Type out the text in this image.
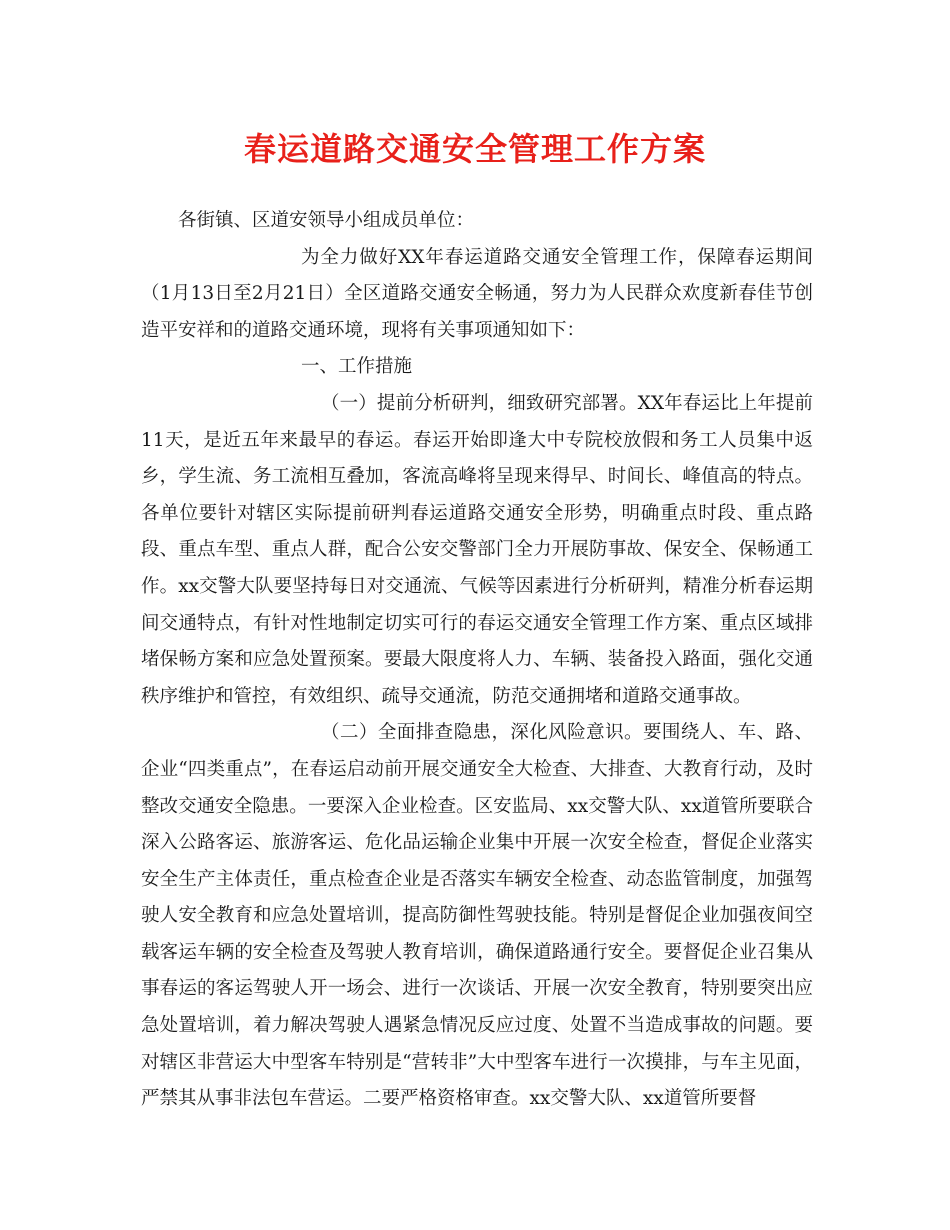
春运道路交通安全管理工作方案

各街镇、区道安领导小组成员单位：

为全力做好XX年春运道路交通安全管理工作，保障春运期间（1月13日至2月21日）全区道路交通安全畅通，努力为人民群众欢度新春佳节创造平安祥和的道路交通环境，现将有关事项通知如下：

一、工作措施

（一）提前分析研判，细致研究部署。XX年春运比上年提前11天，是近五年来最早的春运。春运开始即逢大中专院校放假和务工人员集中返乡，学生流、务工流相互叠加，客流高峰将呈现来得早、时间长、峰值高的特点。各单位要针对辖区实际提前研判春运道路交通安全形势，明确重点时段、重点路段、重点车型、重点人群，配合公安交警部门全力开展防事故、保安全、保畅通工作。xx交警大队要坚持每日对交通流、气候等因素进行分析研判，精准分析春运期间交通特点，有针对性地制定切实可行的春运交通安全管理工作方案、重点区域排堵保畅方案和应急处置预案。要最大限度将人力、车辆、装备投入路面，强化交通秩序维护和管控，有效组织、疏导交通流，防范交通拥堵和道路交通事故。

（二）全面排查隐患，深化风险意识。要围绕人、车、路、企业“四类重点”，在春运启动前开展交通安全大检查、大排查、大教育行动，及时整改交通安全隐患。一要深入企业检查。区安监局、xx交警大队、xx道管所要联合深入公路客运、旅游客运、危化品运输企业集中开展一次安全检查，督促企业落实安全生产主体责任，重点检查企业是否落实车辆安全检查、动态监管制度，加强驾驶人安全教育和应急处置培训，提高防御性驾驶技能。特别是督促企业加强夜间空载客运车辆的安全检查及驾驶人教育培训，确保道路通行安全。要督促企业召集从事春运的客运驾驶人开一场会、进行一次谈话、开展一次安全教育，特别要突出应急处置培训，着力解决驾驶人遇紧急情况反应过度、处置不当造成事故的问题。要对辖区非营运大中型客车特别是“营转非”大中型客车进行一次摸排，与车主见面，严禁其从事非法包车营运。二要严格资格审查。xx交警大队、xx道管所要督
